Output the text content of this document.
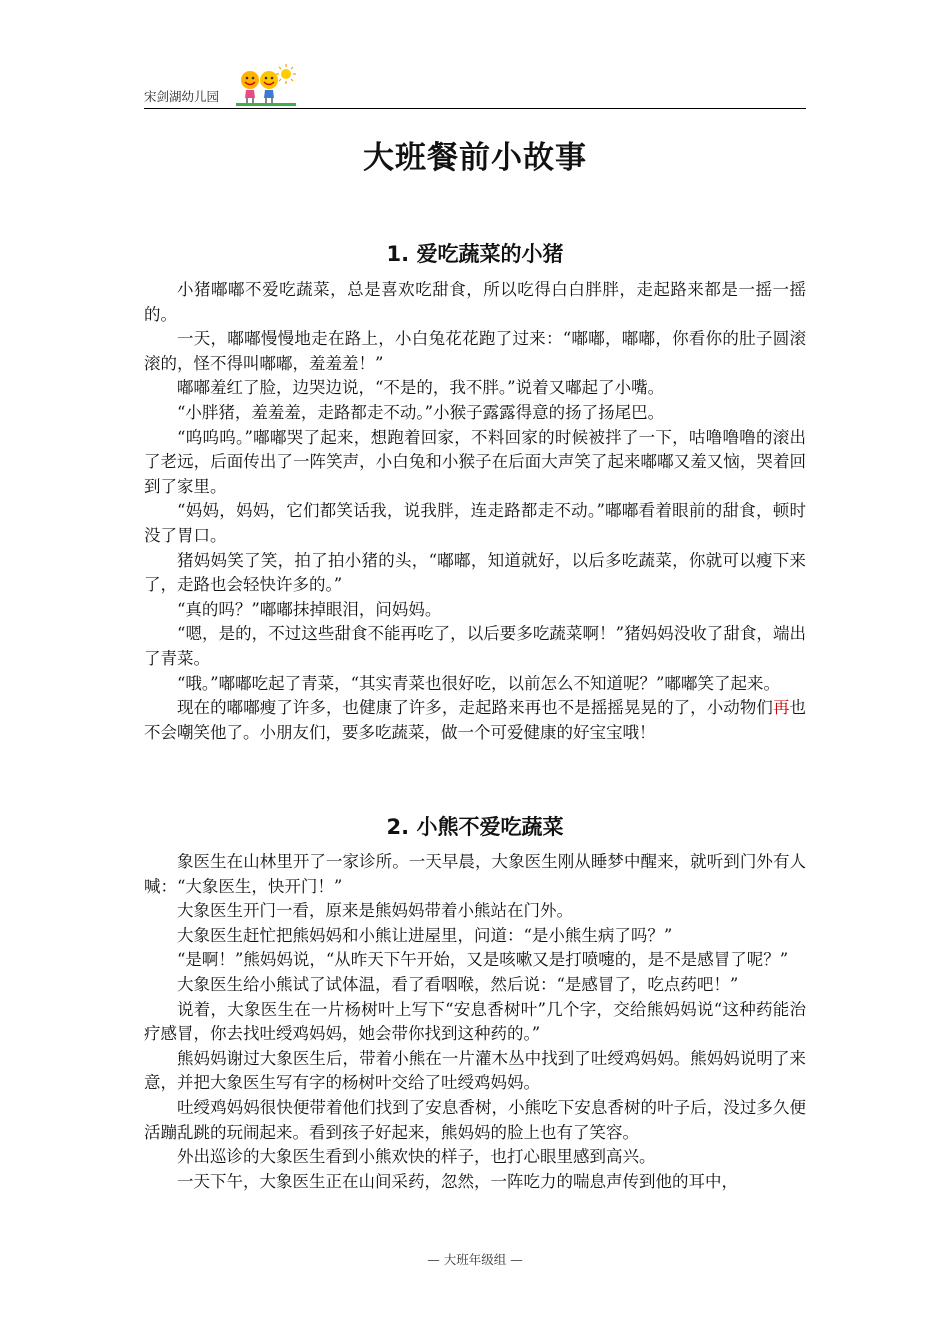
宋剑湖幼儿园
大班餐前小故事
1. 爱吃蔬菜的小猪

小猪嘟嘟不爱吃蔬菜，总是喜欢吃甜食，所以吃得白白胖胖，走起路来都是一摇一摇的。

一天，嘟嘟慢慢地走在路上，小白兔花花跑了过来：“嘟嘟，嘟嘟，你看你的肚子圆滚滚的，怪不得叫嘟嘟，羞羞羞！”

嘟嘟羞红了脸，边哭边说，“不是的，我不胖。”说着又嘟起了小嘴。

“小胖猪，羞羞羞，走路都走不动。”小猴子露露得意的扬了扬尾巴。

“呜呜呜。”嘟嘟哭了起来，想跑着回家，不料回家的时候被拌了一下，咕噜噜噜的滚出了老远，后面传出了一阵笑声，小白兔和小猴子在后面大声笑了起来嘟嘟又羞又恼，哭着回到了家里。

“妈妈，妈妈，它们都笑话我，说我胖，连走路都走不动。”嘟嘟看着眼前的甜食，顿时没了胃口。

猪妈妈笑了笑，拍了拍小猪的头，“嘟嘟，知道就好，以后多吃蔬菜，你就可以瘦下来了，走路也会轻快许多的。”

“真的吗？”嘟嘟抹掉眼泪，问妈妈。

“嗯，是的，不过这些甜食不能再吃了，以后要多吃蔬菜啊！”猪妈妈没收了甜食，端出了青菜。

“哦。”嘟嘟吃起了青菜，“其实青菜也很好吃，以前怎么不知道呢？”嘟嘟笑了起来。

现在的嘟嘟瘦了许多，也健康了许多，走起路来再也不是摇摇晃晃的了，小动物们再也不会嘲笑他了。小朋友们，要多吃蔬菜，做一个可爱健康的好宝宝哦！

2. 小熊不爱吃蔬菜

象医生在山林里开了一家诊所。一天早晨，大象医生刚从睡梦中醒来，就听到门外有人喊：“大象医生，快开门！”

大象医生开门一看，原来是熊妈妈带着小熊站在门外。

大象医生赶忙把熊妈妈和小熊让进屋里，问道：“是小熊生病了吗？”

“是啊！”熊妈妈说，“从昨天下午开始，又是咳嗽又是打喷嚏的，是不是感冒了呢？”

大象医生给小熊试了试体温，看了看咽喉，然后说：“是感冒了，吃点药吧！”

说着，大象医生在一片杨树叶上写下“安息香树叶”几个字，交给熊妈妈说“这种药能治疗感冒，你去找吐绶鸡妈妈，她会带你找到这种药的。”

熊妈妈谢过大象医生后，带着小熊在一片灌木丛中找到了吐绶鸡妈妈。熊妈妈说明了来意，并把大象医生写有字的杨树叶交给了吐绶鸡妈妈。

吐绶鸡妈妈很快便带着他们找到了安息香树，小熊吃下安息香树的叶子后，没过多久便活蹦乱跳的玩闹起来。看到孩子好起来，熊妈妈的脸上也有了笑容。

外出巡诊的大象医生看到小熊欢快的样子，也打心眼里感到高兴。

一天下午，大象医生正在山间采药，忽然，一阵吃力的喘息声传到他的耳中，

— 大班年级组 —
